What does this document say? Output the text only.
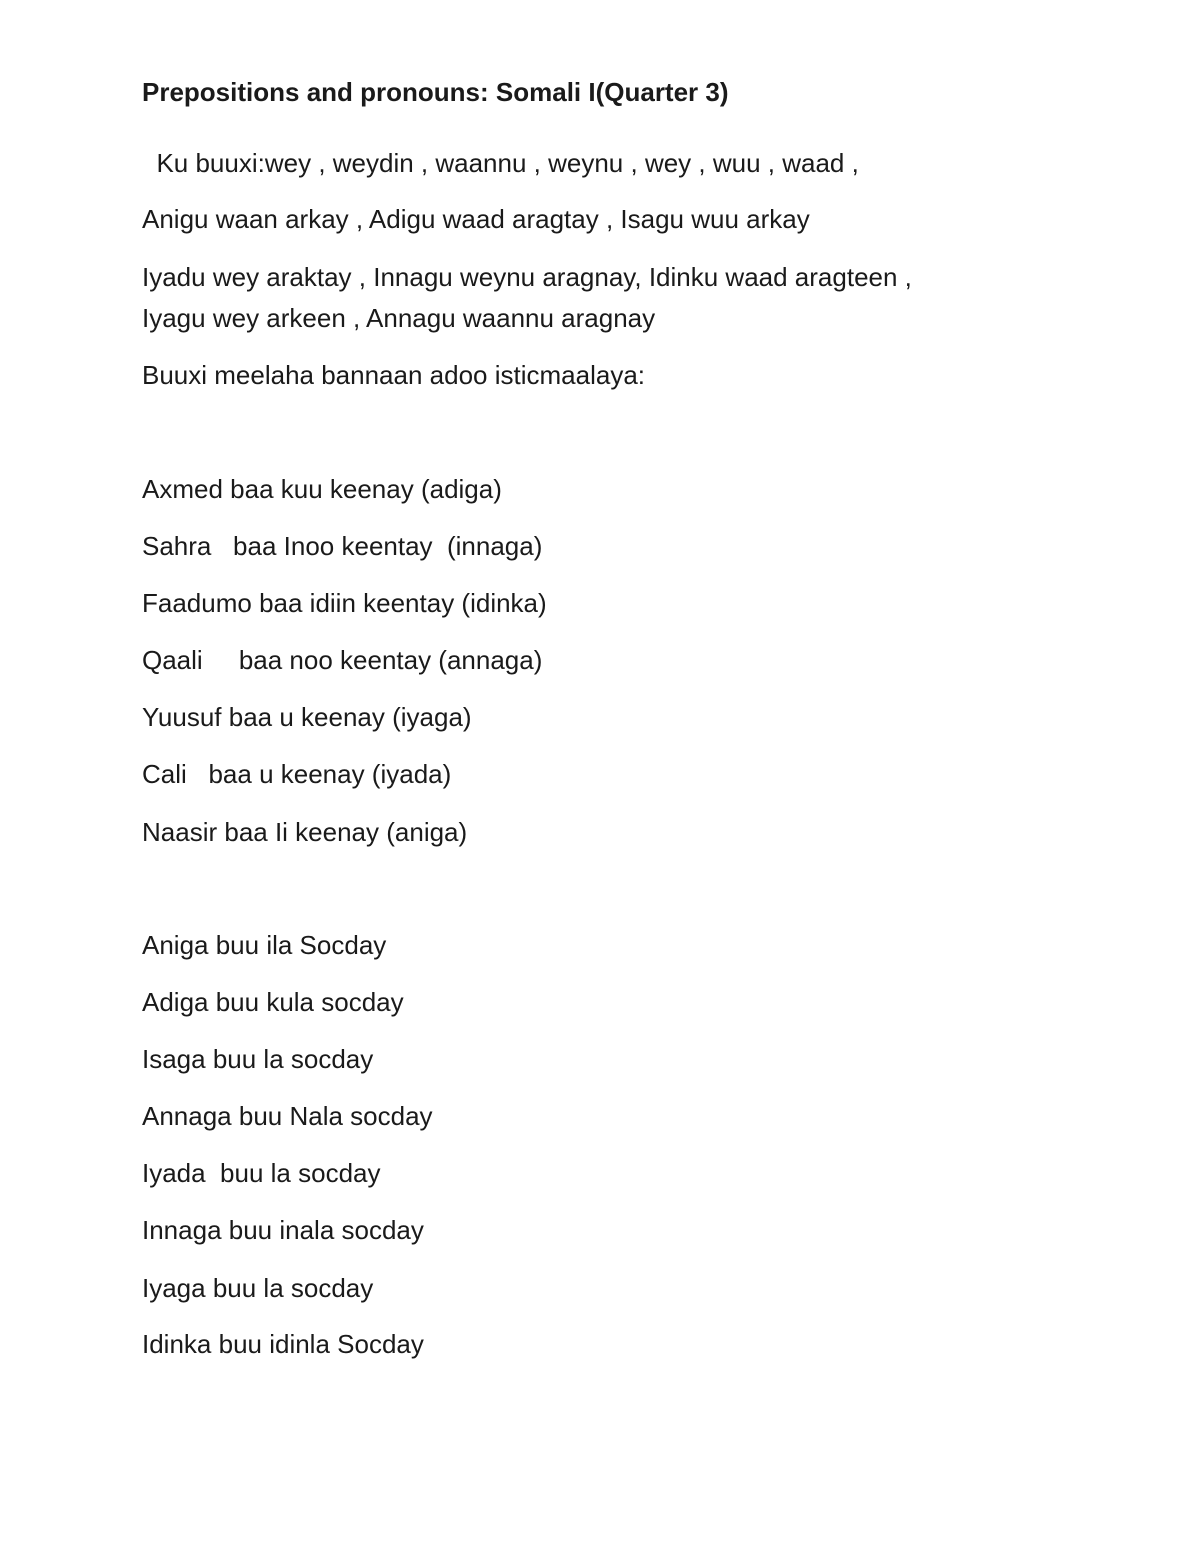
Prepositions and pronouns: Somali I(Quarter 3)
Ku buuxi:wey , weydin , waannu , weynu , wey , wuu , waad ,
Anigu waan arkay , Adigu waad aragtay , Isagu wuu arkay
Iyadu wey araktay , Innagu weynu aragnay, Idinku waad aragteen ,
Iyagu wey arkeen , Annagu waannu aragnay
Buuxi meelaha bannaan adoo isticmaalaya:
Axmed baa kuu keenay (adiga)
Sahra   baa Inoo keentay  (innaga)
Faadumo baa idiin keentay (idinka)
Qaali     baa noo keentay (annaga)
Yuusuf baa u keenay (iyaga)
Cali   baa u keenay (iyada)
Naasir baa Ii keenay (aniga)
Aniga buu ila Socday
Adiga buu kula socday
Isaga buu la socday
Annaga buu Nala socday
Iyada  buu la socday
Innaga buu inala socday
Iyaga buu la socday
Idinka buu idinla Socday
